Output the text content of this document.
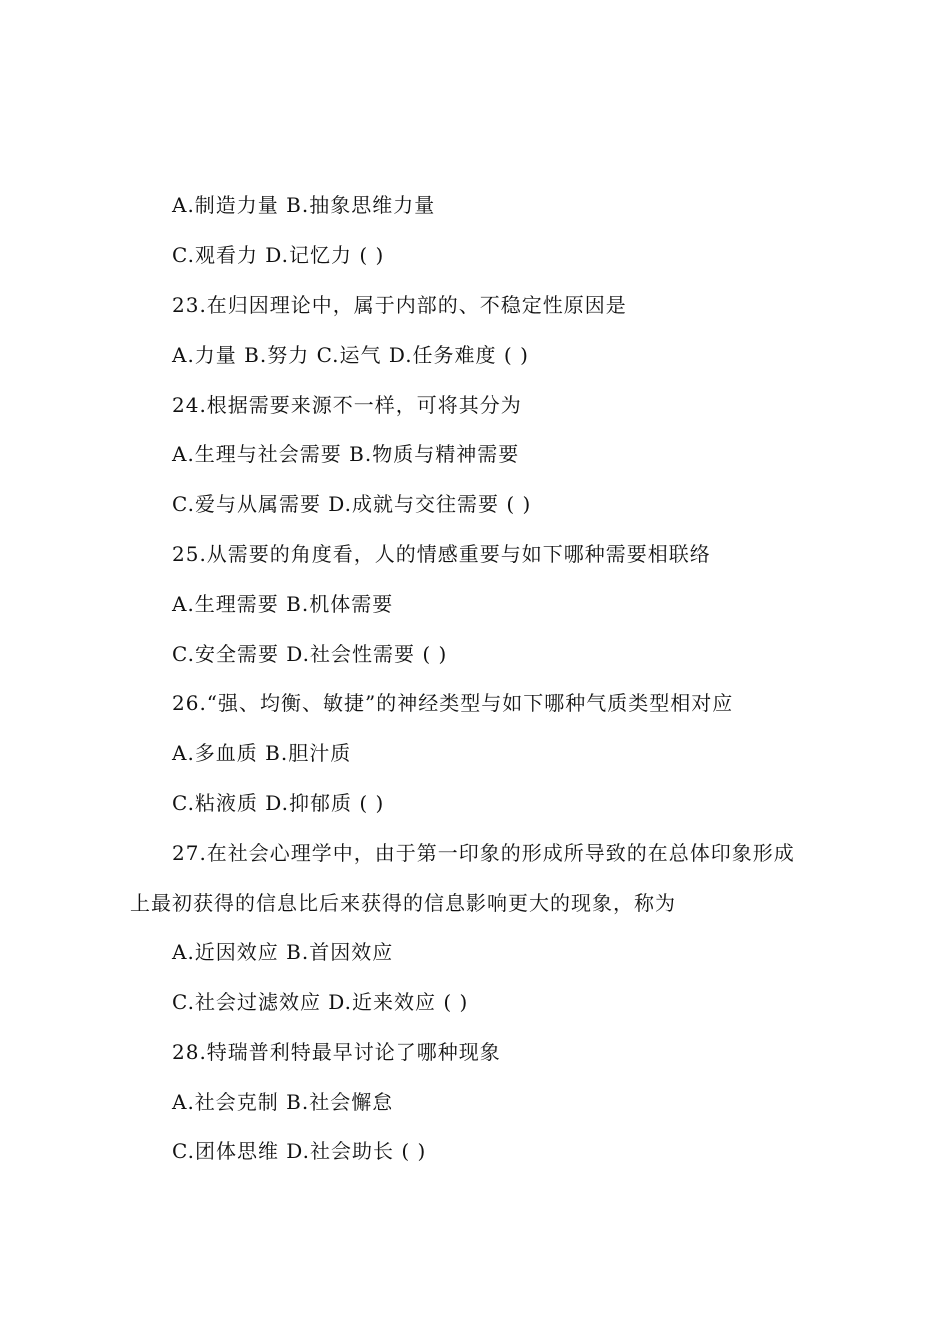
A.制造力量 B.抽象思维力量
C.观看力 D.记忆力 ( )
23.在归因理论中，属于内部的、不稳定性原因是
A.力量 B.努力 C.运气 D.任务难度 ( )
24.根据需要来源不一样，可将其分为
A.生理与社会需要 B.物质与精神需要
C.爱与从属需要 D.成就与交往需要 ( )
25.从需要的角度看，人的情感重要与如下哪种需要相联络
A.生理需要 B.机体需要
C.安全需要 D.社会性需要 ( )
26.“强、均衡、敏捷”的神经类型与如下哪种气质类型相对应
A.多血质 B.胆汁质
C.粘液质 D.抑郁质 ( )
27.在社会心理学中，由于第一印象的形成所导致的在总体印象形成
上最初获得的信息比后来获得的信息影响更大的现象，称为
A.近因效应 B.首因效应
C.社会过滤效应 D.近来效应 ( )
28.特瑞普利特最早讨论了哪种现象
A.社会克制 B.社会懈怠
C.团体思维 D.社会助长 ( )
